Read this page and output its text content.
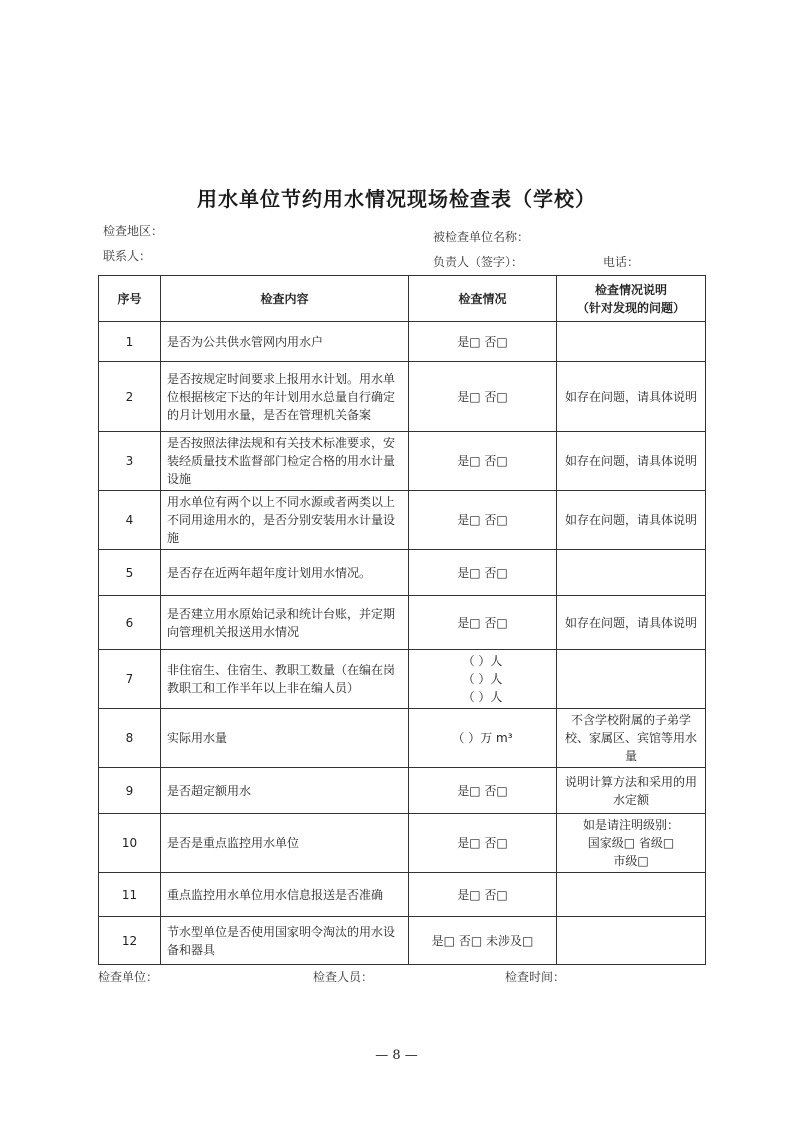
用水单位节约用水情况现场检查表（学校）
检查地区：	被检查单位名称：
联系人：	负责人（签字）：	电话：
序号	检查内容	检查情况	检查情况说明
（针对发现的问题）

1	是否为公共供水管网内用水户	是□ 否□	
2	是否按规定时间要求上报用水计划。用水单位根据核定下达的年计划用水总量自行确定的月计划用水量，是否在管理机关备案	是□ 否□	如存在问题，请具体说明
3	是否按照法律法规和有关技术标准要求，安装经质量技术监督部门检定合格的用水计量设施	是□ 否□	如存在问题，请具体说明
4	用水单位有两个以上不同水源或者两类以上不同用途用水的，是否分别安装用水计量设施	是□ 否□	如存在问题，请具体说明
5	是否存在近两年超年度计划用水情况。	是□ 否□	
6	是否建立用水原始记录和统计台账，并定期向管理机关报送用水情况	是□ 否□	如存在问题，请具体说明
7	非住宿生、住宿生、教职工数量（在编在岗教职工和工作半年以上非在编人员）	（ ）人
（ ）人
（ ）人	

8	实际用水量	（ ）万 m³	不含学校附属的子弟学校、家属区、宾馆等用水量
9	是否超定额用水	是□ 否□	说明计算方法和采用的用水定额
10	是否是重点监控用水单位	是□ 否□	如是请注明级别：
国家级□ 省级□
市级□

11	重点监控用水单位用水信息报送是否准确	是□ 否□	
12	节水型单位是否使用国家明令淘汰的用水设备和器具	是□ 否□ 未涉及□	
检查单位：	检查人员：	检查时间：
— 8 —
